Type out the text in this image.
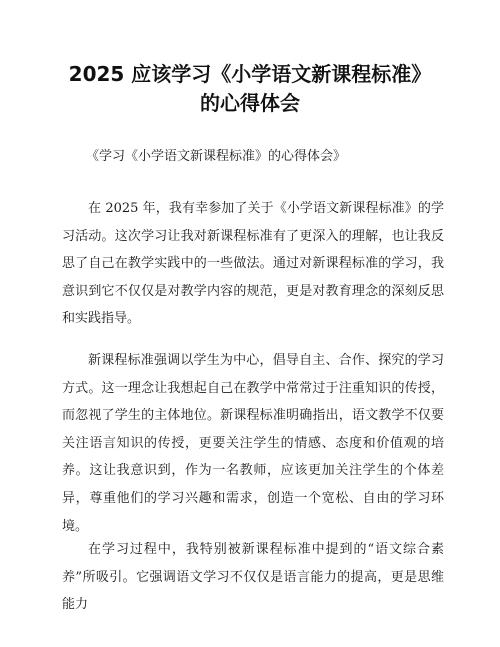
2025 应该学习《小学语文新课程标准》
的心得体会
《学习《小学语文新课程标准》的心得体会》

在 2025 年，我有幸参加了关于《小学语文新课程标准》的学习活动。这次学习让我对新课程标准有了更深入的理解，也让我反思了自己在教学实践中的一些做法。通过对新课程标准的学习，我意识到它不仅仅是对教学内容的规范，更是对教育理念的深刻反思和实践指导。

新课程标准强调以学生为中心，倡导自主、合作、探究的学习方式。这一理念让我想起自己在教学中常常过于注重知识的传授，而忽视了学生的主体地位。新课程标准明确指出，语文教学不仅要关注语言知识的传授，更要关注学生的情感、态度和价值观的培养。这让我意识到，作为一名教师，应该更加关注学生的个体差异，尊重他们的学习兴趣和需求，创造一个宽松、自由的学习环境。

在学习过程中，我特别被新课程标准中提到的“语文综合素养”所吸引。它强调语文学习不仅仅是语言能力的提高，更是思维能力
